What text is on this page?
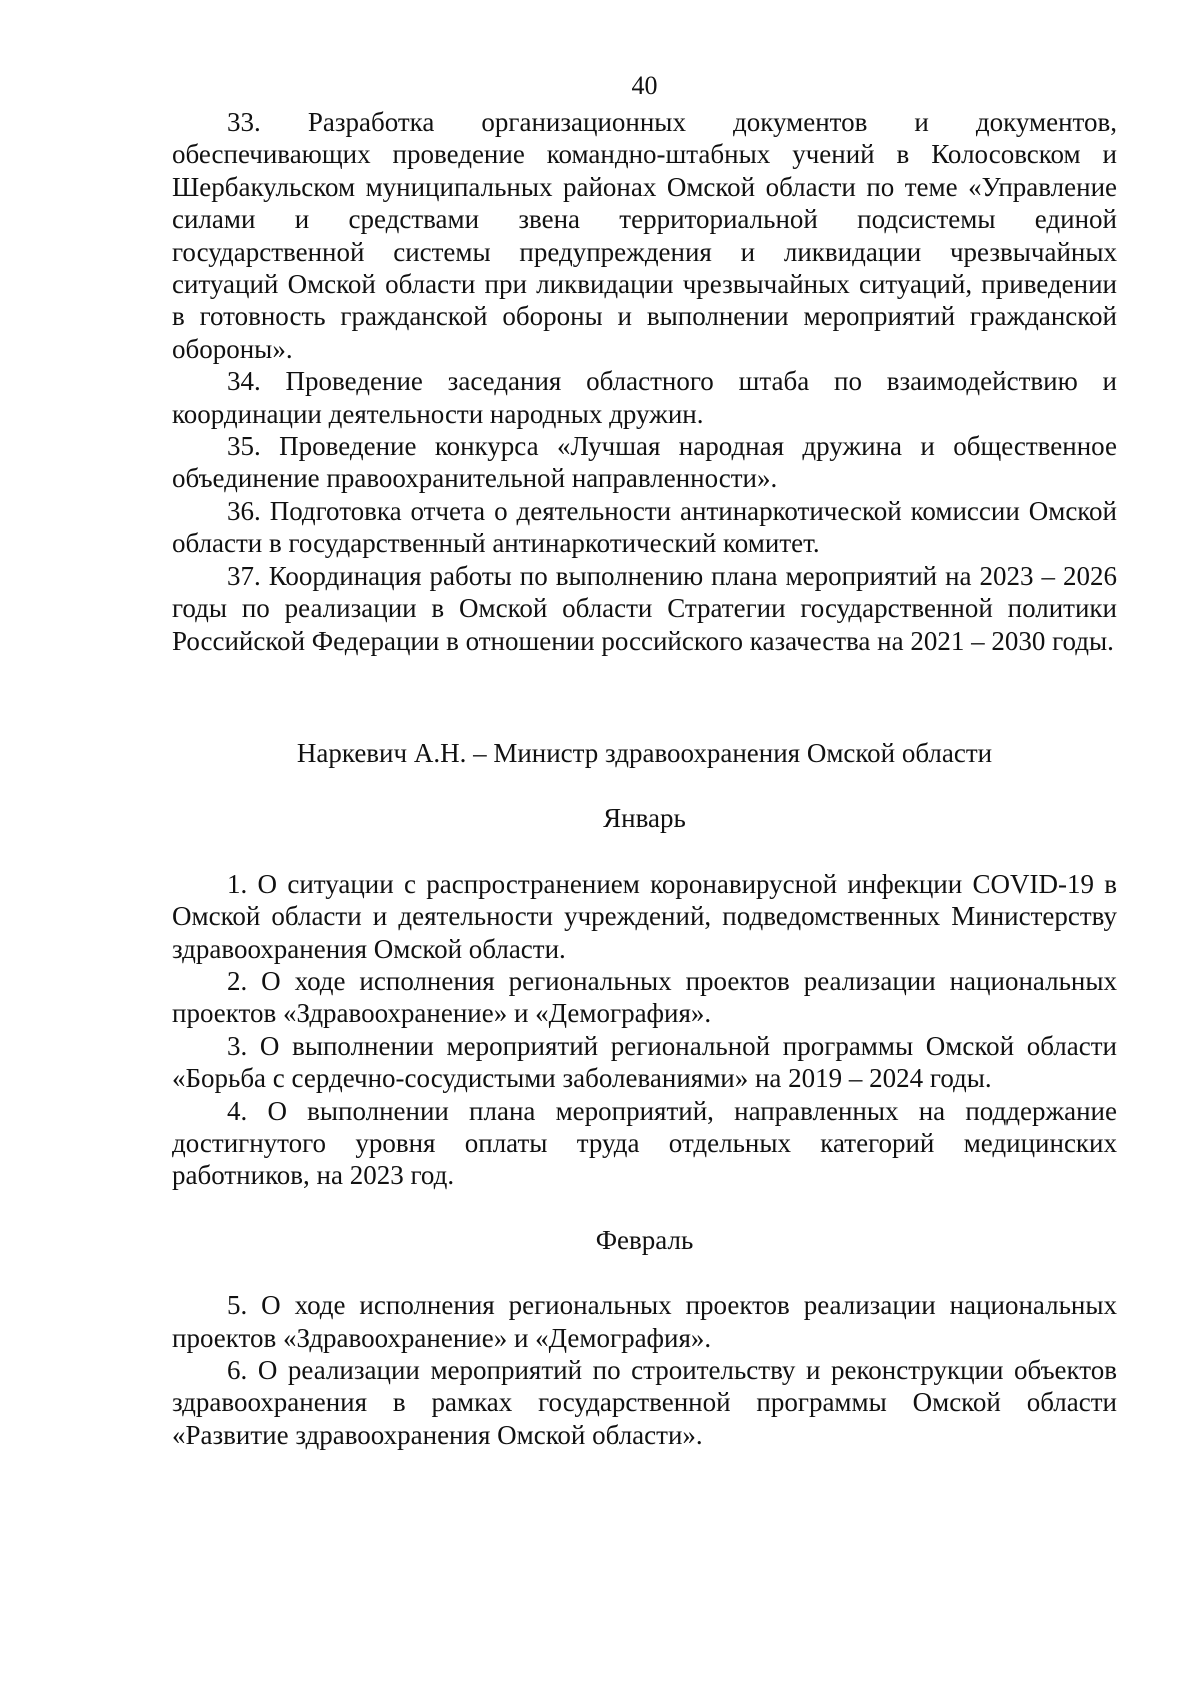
40

33. Разработка организационных документов и документов, обеспечивающих проведение командно-штабных учений в Колосовском и Шербакульском муниципальных районах Омской области по теме «Управление силами и средствами звена территориальной подсистемы единой государственной системы предупреждения и ликвидации чрезвычайных ситуаций Омской области при ликвидации чрезвычайных ситуаций, приведении в готовность гражданской обороны и выполнении мероприятий гражданской обороны».

34. Проведение заседания областного штаба по взаимодействию и координации деятельности народных дружин.

35. Проведение конкурса «Лучшая народная дружина и общественное объединение правоохранительной направленности».

36. Подготовка отчета о деятельности антинаркотической комиссии Омской области в государственный антинаркотический комитет.

37. Координация работы по выполнению плана мероприятий на 2023 – 2026 годы по реализации в Омской области Стратегии государственной политики Российской Федерации в отношении российского казачества на 2021 – 2030 годы.

Наркевич А.Н. – Министр здравоохранения Омской области

Январь

1. О ситуации с распространением коронавирусной инфекции COVID-19 в Омской области и деятельности учреждений, подведомственных Министерству здравоохранения Омской области.

2. О ходе исполнения региональных проектов реализации национальных проектов «Здравоохранение» и «Демография».

3. О выполнении мероприятий региональной программы Омской области «Борьба с сердечно-сосудистыми заболеваниями» на 2019 – 2024 годы.

4. О выполнении плана мероприятий, направленных на поддержание достигнутого уровня оплаты труда отдельных категорий медицинских работников, на 2023 год.

Февраль

5. О ходе исполнения региональных проектов реализации национальных проектов «Здравоохранение» и «Демография».

6. О реализации мероприятий по строительству и реконструкции объектов здравоохранения в рамках государственной программы Омской области «Развитие здравоохранения Омской области».
